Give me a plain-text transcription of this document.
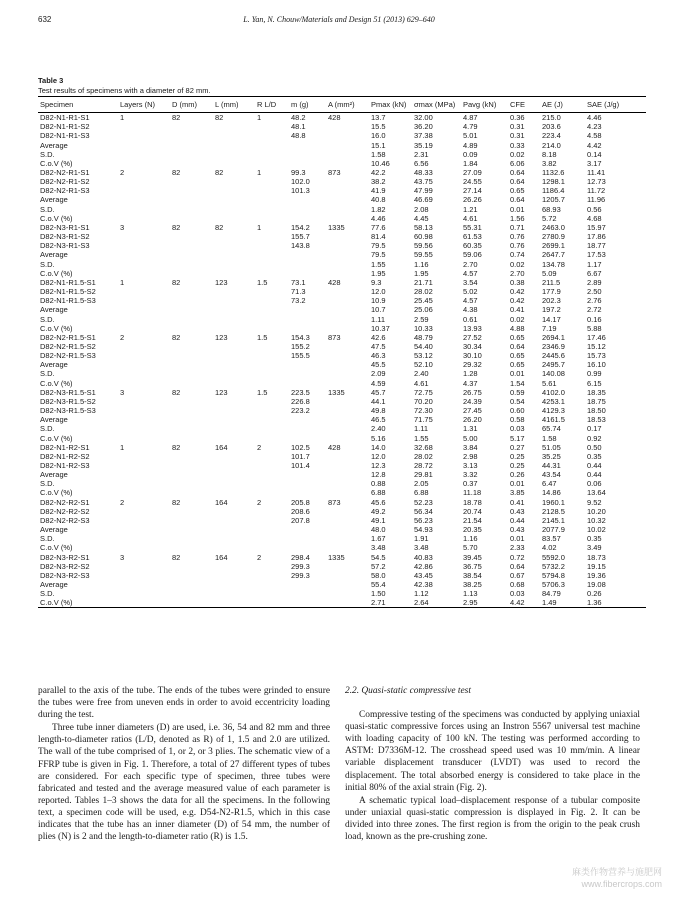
632	L. Yan, N. Chouw/Materials and Design 51 (2013) 629–640
Table 3
Test results of specimens with a diameter of 82 mm.
Specimen	Layers (N)	D (mm)	L (mm)	R L/D	m (g)	A (mm²)	Pmax (kN)	σmax (MPa)	Pavg (kN)	CFE	AE (J)	SAE (J/g)
D82-N1-R1-S1	1	82	82	1	48.2	428	13.7	32.00	4.87	0.36	215.0	4.46
D82-N1-R1-S2					48.1		15.5	36.20	4.79	0.31	203.6	4.23
D82-N1-R1-S3					48.8		16.0	37.38	5.01	0.31	223.4	4.58
Average							15.1	35.19	4.89	0.33	214.0	4.42
S.D.							1.58	2.31	0.09	0.02	8.18	0.14
C.o.V (%)							10.46	6.56	1.84	6.06	3.82	3.17
D82-N2-R1-S1	2	82	82	1	99.3	873	42.2	48.33	27.09	0.64	1132.6	11.41
D82-N2-R1-S2					102.0		38.2	43.75	24.55	0.64	1298.1	12.73
D82-N2-R1-S3					101.3		41.9	47.99	27.14	0.65	1186.4	11.72
Average							40.8	46.69	26.26	0.64	1205.7	11.96
S.D.							1.82	2.08	1.21	0.01	68.93	0.56
C.o.V (%)							4.46	4.45	4.61	1.56	5.72	4.68
D82-N3-R1-S1	3	82	82	1	154.2	1335	77.6	58.13	55.31	0.71	2463.0	15.97
D82-N3-R1-S2					155.7		81.4	60.98	61.53	0.76	2780.9	17.86
D82-N3-R1-S3					143.8		79.5	59.56	60.35	0.76	2699.1	18.77
Average							79.5	59.55	59.06	0.74	2647.7	17.53
S.D.							1.55	1.16	2.70	0.02	134.78	1.17
C.o.V (%)							1.95	1.95	4.57	2.70	5.09	6.67
D82-N1-R1.5-S1	1	82	123	1.5	73.1	428	9.3	21.71	3.54	0.38	211.5	2.89
D82-N1-R1.5-S2					71.3		12.0	28.02	5.02	0.42	177.9	2.50
D82-N1-R1.5-S3					73.2		10.9	25.45	4.57	0.42	202.3	2.76
Average							10.7	25.06	4.38	0.41	197.2	2.72
S.D.							1.11	2.59	0.61	0.02	14.17	0.16
C.o.V (%)							10.37	10.33	13.93	4.88	7.19	5.88
D82-N2-R1.5-S1	2	82	123	1.5	154.3	873	42.6	48.79	27.52	0.65	2694.1	17.46
D82-N2-R1.5-S2					155.2		47.5	54.40	30.34	0.64	2346.9	15.12
D82-N2-R1.5-S3					155.5		46.3	53.12	30.10	0.65	2445.6	15.73
Average							45.5	52.10	29.32	0.65	2495.7	16.10
S.D.							2.09	2.40	1.28	0.01	140.08	0.99
C.o.V (%)							4.59	4.61	4.37	1.54	5.61	6.15
D82-N3-R1.5-S1	3	82	123	1.5	223.5	1335	45.7	72.75	26.75	0.59	4102.0	18.35
D82-N3-R1.5-S2					226.8		44.1	70.20	24.39	0.54	4253.1	18.75
D82-N3-R1.5-S3					223.2		49.8	72.30	27.45	0.60	4129.3	18.50
Average							46.5	71.75	26.20	0.58	4161.5	18.53
S.D.							2.40	1.11	1.31	0.03	65.74	0.17
C.o.V (%)							5.16	1.55	5.00	5.17	1.58	0.92
D82-N1-R2-S1	1	82	164	2	102.5	428	14.0	32.68	3.84	0.27	51.05	0.50
D82-N1-R2-S2					101.7		12.0	28.02	2.98	0.25	35.25	0.35
D82-N1-R2-S3					101.4		12.3	28.72	3.13	0.25	44.31	0.44
Average							12.8	29.81	3.32	0.26	43.54	0.44
S.D.							0.88	2.05	0.37	0.01	6.47	0.06
C.o.V (%)							6.88	6.88	11.18	3.85	14.86	13.64
D82-N2-R2-S1	2	82	164	2	205.8	873	45.6	52.23	18.78	0.41	1960.1	9.52
D82-N2-R2-S2					208.6		49.2	56.34	20.74	0.43	2128.5	10.20
D82-N2-R2-S3					207.8		49.1	56.23	21.54	0.44	2145.1	10.32
Average							48.0	54.93	20.35	0.43	2077.9	10.02
S.D.							1.67	1.91	1.16	0.01	83.57	0.35
C.o.V (%)							3.48	3.48	5.70	2.33	4.02	3.49
D82-N3-R2-S1	3	82	164	2	298.4	1335	54.5	40.83	39.45	0.72	5592.0	18.73
D82-N3-R2-S2					299.3		57.2	42.86	36.75	0.64	5732.2	19.15
D82-N3-R2-S3					299.3		58.0	43.45	38.54	0.67	5794.8	19.36
Average							55.4	42.38	38.25	0.68	5706.3	19.08
S.D.							1.50	1.12	1.13	0.03	84.79	0.26
C.o.V (%)							2.71	2.64	2.95	4.42	1.49	1.36

parallel to the axis of the tube. The ends of the tubes were grinded to ensure the tubes were free from uneven ends in order to avoid eccentricity loading during the test.

Three tube inner diameters (D) are used, i.e. 36, 54 and 82 mm and three length-to-diameter ratios (L/D, denoted as R) of 1, 1.5 and 2.0 are utilized. The wall of the tube comprised of 1, or 2, or 3 plies. The schematic view of a FFRP tube is given in Fig. 1. Therefore, a total of 27 different types of tubes are considered. For each specific type of specimen, three tubes were fabricated and tested and the average measured value of each parameter is reported. Tables 1–3 shows the data for all the specimens. In the following text, a specimen code will be used, e.g. D54-N2-R1.5, which in this case indicates that the tube has an inner diameter (D) of 54 mm, the number of plies (N) is 2 and the length-to-diameter ratio (R) is 1.5.

2.2. Quasi-static compressive test

Compressive testing of the specimens was conducted by applying uniaxial quasi-static compressive forces using an Instron 5567 universal test machine with loading capacity of 100 kN. The testing was performed according to ASTM: D7336M-12. The crosshead speed used was 10 mm/min. A linear variable displacement transducer (LVDT) was used to record the displacement. The total absorbed energy is considered to take place in the initial 80% of the axial strain (Fig. 2).

A schematic typical load–displacement response of a tubular composite under uniaxial quasi-static compression is displayed in Fig. 2. It can be divided into three zones. The first region is from the origin to the peak crush load, known as the pre-crushing zone.

麻类作物营养与施肥网
www.fibercrops.com
